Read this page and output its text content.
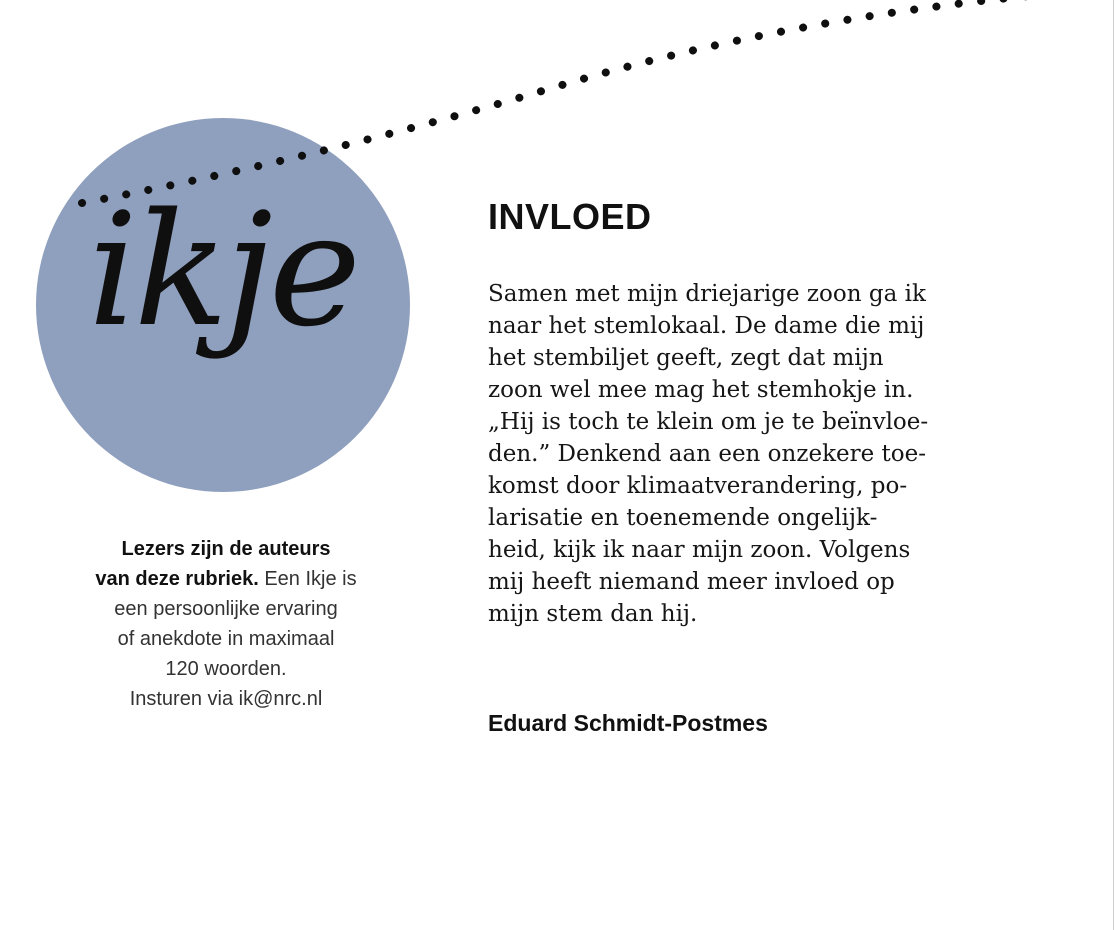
ikje

Lezers zijn de auteurs

van deze rubriek. Een Ikje is

een persoonlijke ervaring

of anekdote in maximaal

120 woorden.

Insturen via ik@nrc.nl

INVLOED

Samen met mijn driejarige zoon ga ik
naar het stemlokaal. De dame die mij
het stembiljet geeft, zegt dat mijn
zoon wel mee mag het stemhokje in.
„Hij is toch te klein om je te beïnvloe-
den.” Denkend aan een onzekere toe-
komst door klimaatverandering, po-
larisatie en toenemende ongelijk-
heid, kijk ik naar mijn zoon. Volgens
mij heeft niemand meer invloed op
mijn stem dan hij.

Eduard Schmidt-Postmes
